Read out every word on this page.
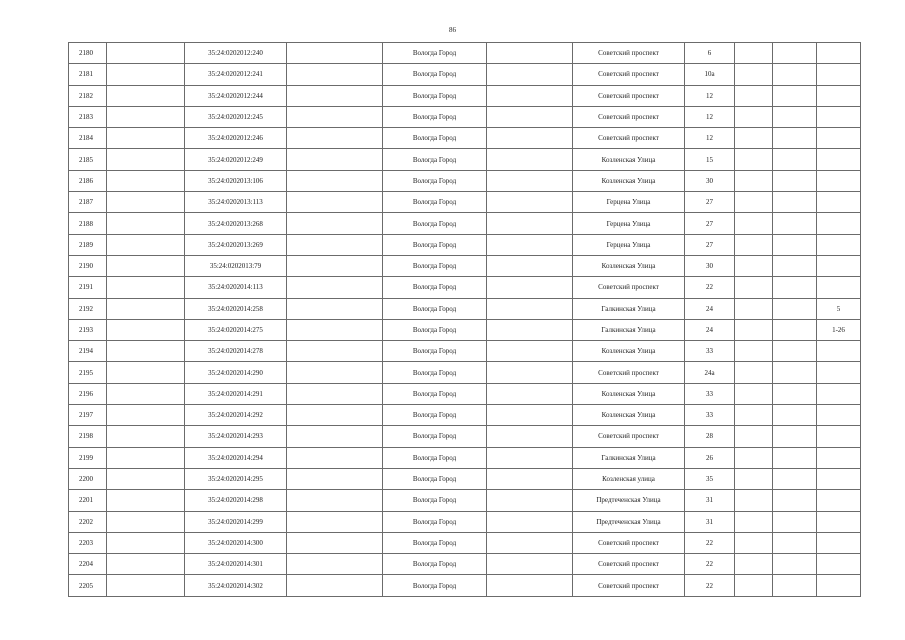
86
2180		35:24:0202012:240		Вологда Город		Советский проспект	6			
2181		35:24:0202012:241		Вологда Город		Советский проспект	10а			
2182		35:24:0202012:244		Вологда Город		Советский проспект	12			
2183		35:24:0202012:245		Вологда Город		Советский проспект	12			
2184		35:24:0202012:246		Вологда Город		Советский проспект	12			
2185		35:24:0202012:249		Вологда Город		Козленская Улица	15			
2186		35:24:0202013:106		Вологда Город		Козленская Улица	30			
2187		35:24:0202013:113		Вологда Город		Герцена Улица	27			
2188		35:24:0202013:268		Вологда Город		Герцена Улица	27			
2189		35:24:0202013:269		Вологда Город		Герцена Улица	27			
2190		35:24:0202013:79		Вологда Город		Козленская Улица	30			
2191		35:24:0202014:113		Вологда Город		Советский проспект	22			
2192		35:24:0202014:258		Вологда Город		Галкинская Улица	24			5
2193		35:24:0202014:275		Вологда Город		Галкинская Улица	24			1-26
2194		35:24:0202014:278		Вологда Город		Козленская Улица	33			
2195		35:24:0202014:290		Вологда Город		Советский проспект	24а			
2196		35:24:0202014:291		Вологда Город		Козленская Улица	33			
2197		35:24:0202014:292		Вологда Город		Козленская Улица	33			
2198		35:24:0202014:293		Вологда Город		Советский проспект	28			
2199		35:24:0202014:294		Вологда Город		Галкинская Улица	26			
2200		35:24:0202014:295		Вологда Город		Козленская улица	35			
2201		35:24:0202014:298		Вологда Город		Предтеченская Улица	31			
2202		35:24:0202014:299		Вологда Город		Предтеченская Улица	31			
2203		35:24:0202014:300		Вологда Город		Советский проспект	22			
2204		35:24:0202014:301		Вологда Город		Советский проспект	22			
2205		35:24:0202014:302		Вологда Город		Советский проспект	22			
